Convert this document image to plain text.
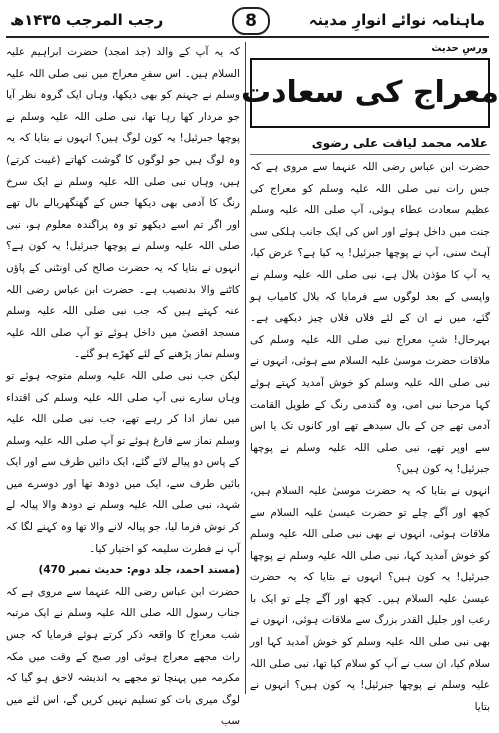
ماہنامہ نوائے انوارِ مدینہ
8
رجب المرجب ۱۴۳۵ھ
ورسِ حدیث
معراج کی سعادت
علامہ محمد لیاقت علی رضوی

حضرت ابن عباس رضی اللہ عنہما سے مروی ہے کہ جس رات نبی صلی اللہ علیہ وسلم کو معراج کی عظیم سعادت عطاء ہوئی، آپ صلی اللہ علیہ وسلم جنت میں داخل ہوئے اور اس کی ایک جانب ہلکی سی آہٹ سنی، آپ نے پوچھا جبرئیل! یہ کیا ہے؟ عرض کیا، یہ آپ کا مؤذن بلال ہے، نبی صلی اللہ علیہ وسلم نے واپسی کے بعد لوگوں سے فرمایا کہ بلال کامیاب ہو گئے، میں نے ان کے لئے فلاں فلاں چیز دیکھی ہے۔ بہرحال! شبِ معراج نبی صلی اللہ علیہ وسلم کی ملاقات حضرت موسیٰ علیہ السلام سے ہوئی، انہوں نے نبی صلی اللہ علیہ وسلم کو خوش آمدید کہتے ہوئے کہا مرحبا نبی امی، وہ گندمی رنگ کے طویل القامت آدمی تھے جن کے بال سیدھے تھے اور کانوں تک یا اس سے اوپر تھے، نبی صلی اللہ علیہ وسلم نے پوچھا جبرئیل! یہ کون ہیں؟

انہوں نے بتایا کہ یہ حضرت موسیٰ علیہ السلام ہیں، کچھ اور آگے چلے تو حضرت عیسیٰ علیہ السلام سے ملاقات ہوئی، انہوں نے بھی نبی صلی اللہ علیہ وسلم کو خوش آمدید کہا، نبی صلی اللہ علیہ وسلم نے پوچھا جبرئیل! یہ کون ہیں؟ انہوں نے بتایا کہ یہ حضرت عیسیٰ علیہ السلام ہیں۔ کچھ اور آگے چلے تو ایک با رعب اور جلیل القدر بزرگ سے ملاقات ہوئی، انہوں نے بھی نبی صلی اللہ علیہ وسلم کو خوش آمدید کہا اور سلام کیا، ان سب نے آپ کو سلام کیا تھا، نبی صلی اللہ علیہ وسلم نے پوچھا جبرئیل! یہ کون ہیں؟ انہوں نے بتایا

کہ یہ آپ کے والد (جد امجد) حضرت ابراہیم علیہ السلام ہیں۔ اس سفرِ معراج میں نبی صلی اللہ علیہ وسلم نے جہنم کو بھی دیکھا، وہاں ایک گروہ نظر آیا جو مردار کھا رہا تھا، نبی صلی اللہ علیہ وسلم نے پوچھا جبرئیل! یہ کون لوگ ہیں؟ انہوں نے بتایا کہ یہ وہ لوگ ہیں جو لوگوں کا گوشت کھاتے (غیبت کرتے) ہیں، وہاں نبی صلی اللہ علیہ وسلم نے ایک سرخ رنگ کا آدمی بھی دیکھا جس کے گھنگھریالے بال تھے اور اگر تم اسے دیکھو تو وہ پراگندہ معلوم ہو، نبی صلی اللہ علیہ وسلم نے پوچھا جبرئیل! یہ کون ہے؟ انہوں نے بتایا کہ یہ حضرت صالح کی اونٹنی کے پاؤں کاٹنے والا بدنصیب ہے۔ حضرت ابن عباس رضی اللہ عنہ کہتے ہیں کہ جب نبی صلی اللہ علیہ وسلم مسجد اقصیٰ میں داخل ہوئے تو آپ صلی اللہ علیہ وسلم نماز پڑھنے کے لئے کھڑے ہو گئے۔

لیکن جب نبی صلی اللہ علیہ وسلم متوجہ ہوئے تو وہاں سارے نبی آپ صلی اللہ علیہ وسلم کی اقتداء میں نماز ادا کر رہے تھے، جب نبی صلی اللہ علیہ وسلم نماز سے فارغ ہوئے تو آپ صلی اللہ علیہ وسلم کے پاس دو پیالے لائے گئے، ایک دائیں طرف سے اور ایک بائیں طرف سے، ایک میں دودھ تھا اور دوسرے میں شہد، نبی صلی اللہ علیہ وسلم نے دودھ والا پیالہ لے کر نوش فرما لیا، جو پیالہ لانے والا تھا وہ کہنے لگا کہ آپ نے فطرت سلیمہ کو اختیار کیا۔

(مسند احمد، جلد دوم: حدیث نمبر 470)

حضرت ابن عباس رضی اللہ عنہما سے مروی ہے کہ جناب رسول اللہ صلی اللہ علیہ وسلم نے ایک مرتبہ شب معراج کا واقعہ ذکر کرتے ہوئے فرمایا کہ جس رات مجھے معراج ہوئی اور صبح کے وقت میں مکہ مکرمہ میں پہنچا تو مجھے یہ اندیشہ لاحق ہو گیا کہ لوگ میری بات کو تسلیم نہیں کریں گے، اس لئے میں سب
